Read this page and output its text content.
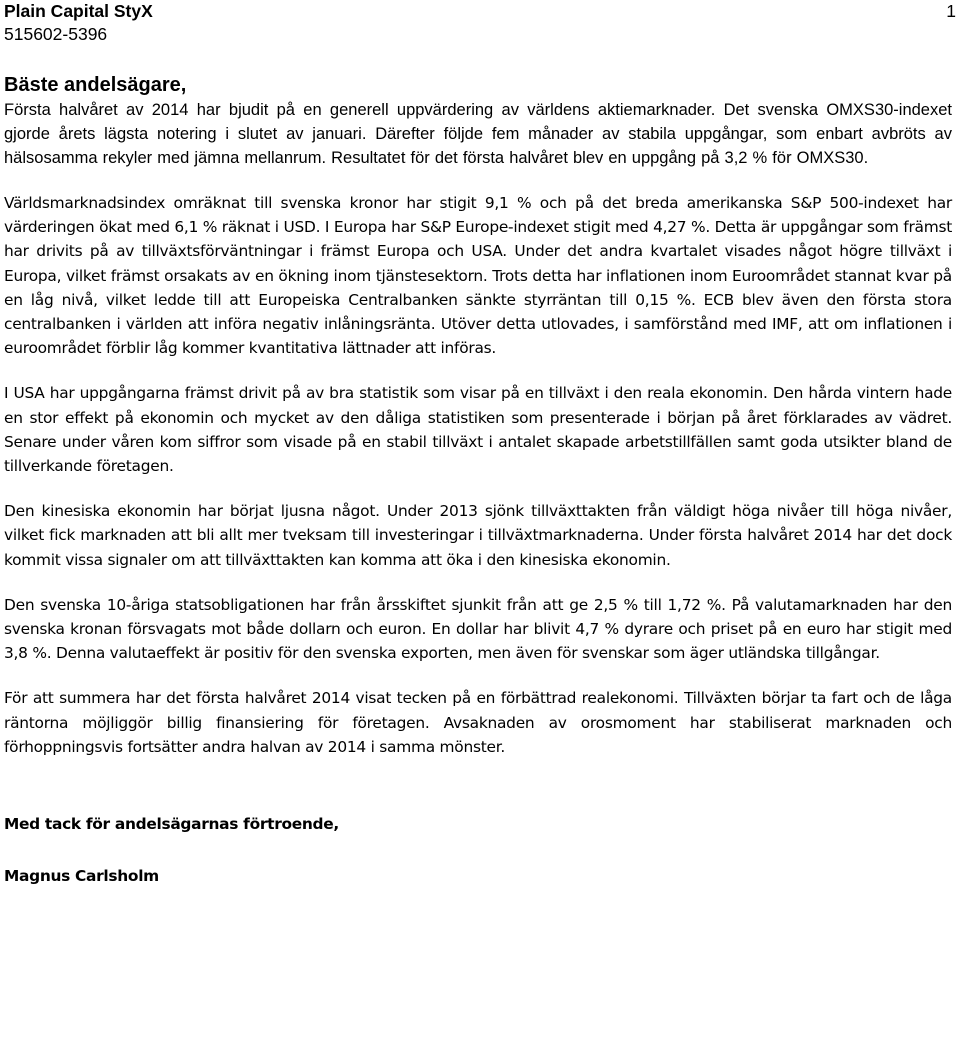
Plain Capital StyX
515602-5396
1

Bäste andelsägare,

Första halvåret av 2014 har bjudit på en generell uppvärdering av världens aktiemarknader. Det svenska OMXS30-indexet gjorde årets lägsta notering i slutet av januari. Därefter följde fem månader av stabila uppgångar, som enbart avbröts av hälsosamma rekyler med jämna mellanrum. Resultatet för det första halvåret blev en uppgång på 3,2 % för OMXS30.

Världsmarknadsindex omräknat till svenska kronor har stigit 9,1 % och på det breda amerikanska S&P 500-indexet har värderingen ökat med 6,1 % räknat i USD. I Europa har S&P Europe-indexet stigit med 4,27 %. Detta är uppgångar som främst har drivits på av tillväxtsförväntningar i främst Europa och USA. Under det andra kvartalet visades något högre tillväxt i Europa, vilket främst orsakats av en ökning inom tjänstesektorn. Trots detta har inflationen inom Euroområdet stannat kvar på en låg nivå, vilket ledde till att Europeiska Centralbanken sänkte styrräntan till 0,15 %. ECB blev även den första stora centralbanken i världen att införa negativ inlåningsränta. Utöver detta utlovades, i samförstånd med IMF, att om inflationen i euroområdet förblir låg kommer kvantitativa lättnader att införas.

I USA har uppgångarna främst drivit på av bra statistik som visar på en tillväxt i den reala ekonomin. Den hårda vintern hade en stor effekt på ekonomin och mycket av den dåliga statistiken som presenterade i början på året förklarades av vädret. Senare under våren kom siffror som visade på en stabil tillväxt i antalet skapade arbetstillfällen samt goda utsikter bland de tillverkande företagen.

Den kinesiska ekonomin har börjat ljusna något. Under 2013 sjönk tillväxttakten från väldigt höga nivåer till höga nivåer, vilket fick marknaden att bli allt mer tveksam till investeringar i tillväxtmarknaderna. Under första halvåret 2014 har det dock kommit vissa signaler om att tillväxttakten kan komma att öka i den kinesiska ekonomin.

Den svenska 10-åriga statsobligationen har från årsskiftet sjunkit från att ge 2,5 % till 1,72 %. På valutamarknaden har den svenska kronan försvagats mot både dollarn och euron. En dollar har blivit 4,7 % dyrare och priset på en euro har stigit med 3,8 %. Denna valutaeffekt är positiv för den svenska exporten, men även för svenskar som äger utländska tillgångar.

För att summera har det första halvåret 2014 visat tecken på en förbättrad realekonomi. Tillväxten börjar ta fart och de låga räntorna möjliggör billig finansiering för företagen. Avsaknaden av orosmoment har stabiliserat marknaden och förhoppningsvis fortsätter andra halvan av 2014 i samma mönster.

Med tack för andelsägarnas förtroende,

Magnus Carlsholm
